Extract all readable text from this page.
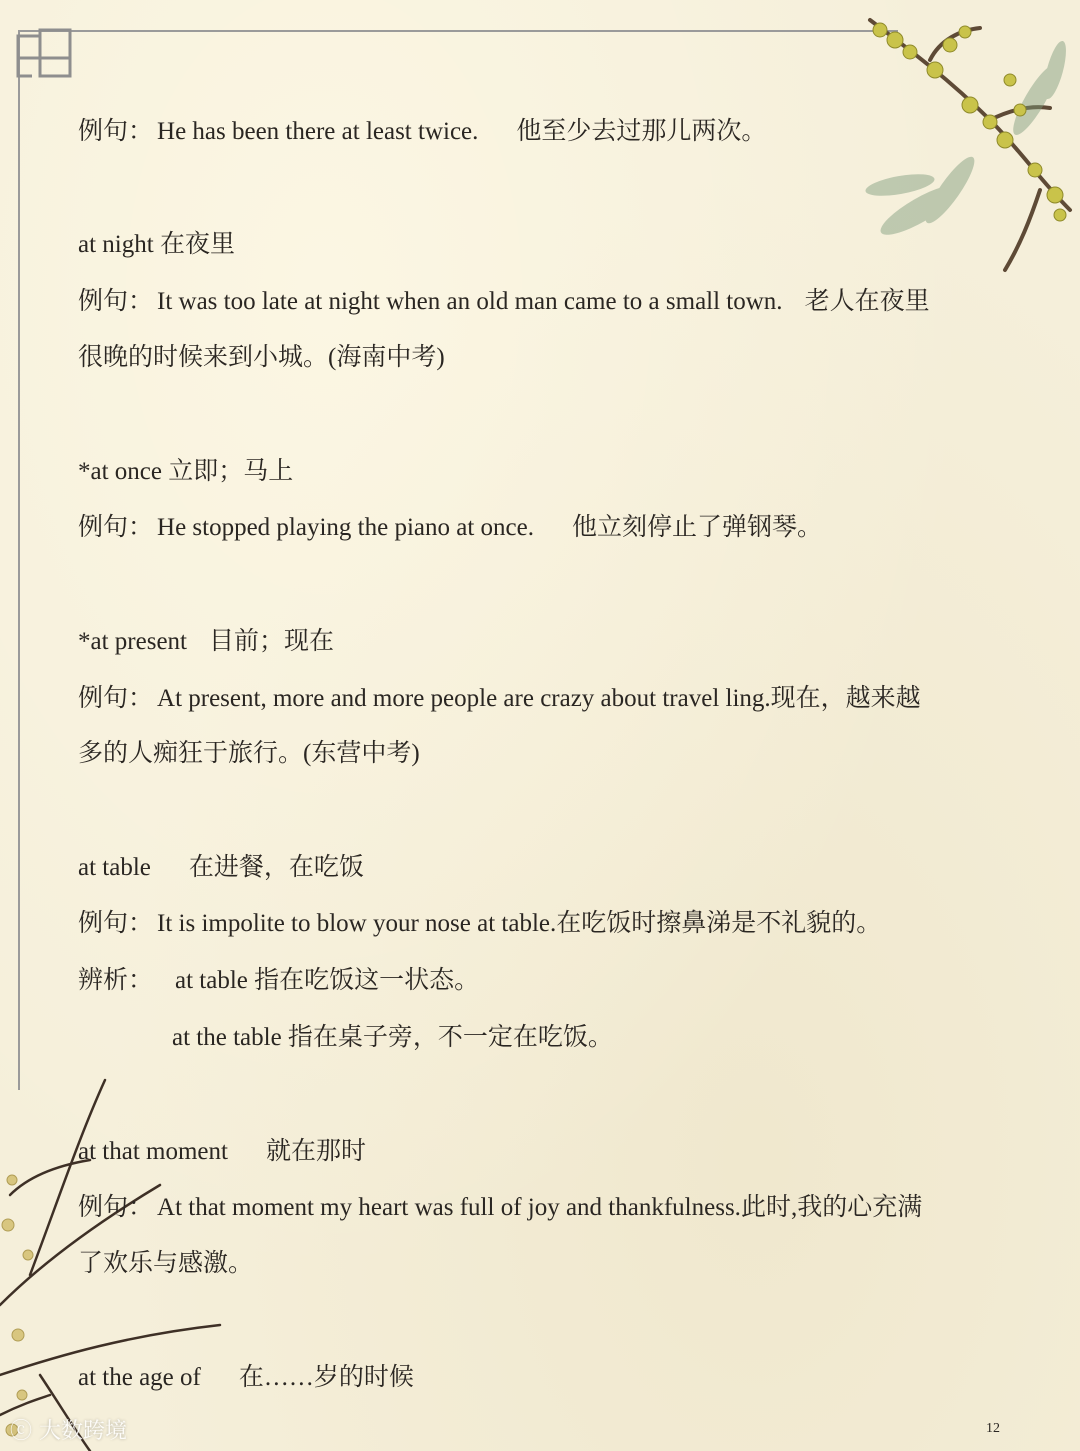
例句： He has been there at least twice. 他至少去过那儿两次。
at night 在夜里
例句： It was too late at night when an old man came to a small town. 老人在夜里
很晚的时候来到小城。(海南中考)
*at once 立即；马上
例句： He stopped playing the piano at once. 他立刻停止了弹钢琴。
*at present 目前；现在
例句： At present, more and more people are crazy about travel ling.现在，越来越
多的人痴狂于旅行。(东营中考)
at table 在进餐，在吃饭
例句： It is impolite to blow your nose at table.在吃饭时擦鼻涕是不礼貌的。
辨析： at table 指在吃饭这一状态。
at the table 指在桌子旁，不一定在吃饭。
at that moment 就在那时
例句： At that moment my heart was full of joy and thankfulness.此时,我的心充满
了欢乐与感激。
at the age of 在……岁的时候
12
ⓒ 大数跨境
